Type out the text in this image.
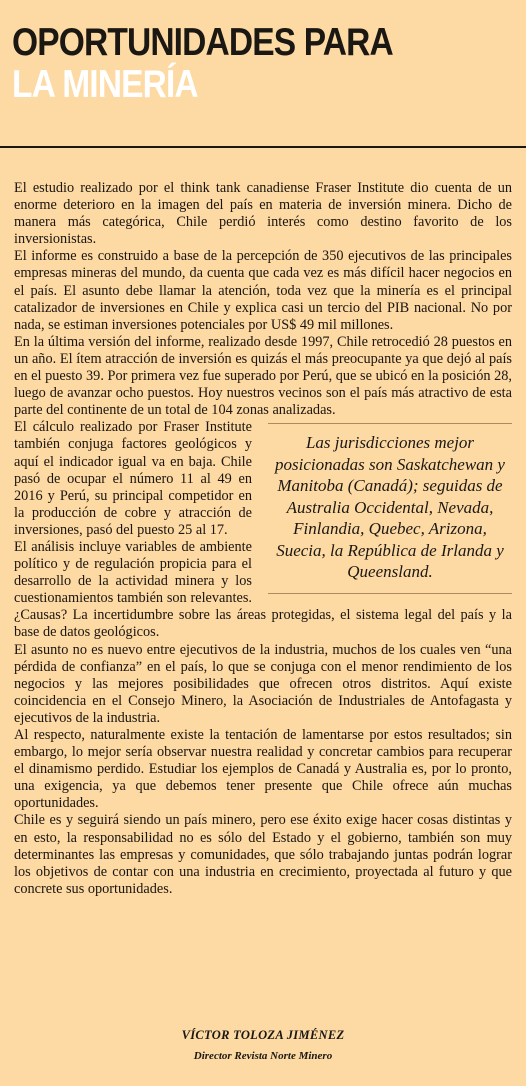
OPORTUNIDADES PARA
LA MINERÍA

El estudio realizado por el think tank canadiense Fraser Institute dio cuenta de un enorme deterioro en la imagen del país en materia de inversión minera. Dicho de manera más categórica, Chile perdió interés como destino favorito de los inversionistas.

El informe es construido a base de la percepción de 350 ejecutivos de las principales empresas mineras del mundo, da cuenta que cada vez es más difícil hacer negocios en el país. El asunto debe llamar la atención, toda vez que la minería es el principal catalizador de inversiones en Chile y explica casi un tercio del PIB nacional. No por nada, se estiman inversiones potenciales por US$ 49 mil millones.

En la última versión del informe, realizado desde 1997, Chile retrocedió 28 puestos en un año. El ítem atracción de inversión es quizás el más preocupante ya que dejó al país en el puesto 39. Por primera vez fue superado por Perú, que se ubicó en la posición 28, luego de avanzar ocho puestos. Hoy nuestros vecinos son el país más atractivo de esta parte del continente de un total de 104 zonas analizadas.

Las jurisdicciones mejor posicionadas son Saskatchewan y Manitoba (Canadá); seguidas de Australia Occidental, Nevada, Finlandia, Quebec, Arizona, Suecia, la República de Irlanda y Queensland.

El cálculo realizado por Fraser Institute también conjuga factores geológicos y aquí el indicador igual va en baja. Chile pasó de ocupar el número 11 al 49 en 2016 y Perú, su principal competidor en la producción de cobre y atracción de inversiones, pasó del puesto 25 al 17.

El análisis incluye variables de ambiente político y de regulación propicia para el desarrollo de la actividad minera y los cuestionamientos también son relevantes. ¿Causas? La incertidumbre sobre las áreas protegidas, el sistema legal del país y la base de datos geológicos.

El asunto no es nuevo entre ejecutivos de la industria, muchos de los cuales ven “una pérdida de confianza” en el país, lo que se conjuga con el menor rendimiento de los negocios y las mejores posibilidades que ofrecen otros distritos. Aquí existe coincidencia en el Consejo Minero, la Asociación de Industriales de Antofagasta y ejecutivos de la industria.

Al respecto, naturalmente existe la tentación de lamentarse por estos resultados; sin embargo, lo mejor sería observar nuestra realidad y concretar cambios para recuperar el dinamismo perdido. Estudiar los ejemplos de Canadá y Australia es, por lo pronto, una exigencia, ya que debemos tener presente que Chile ofrece aún muchas oportunidades.

Chile es y seguirá siendo un país minero, pero ese éxito exige hacer cosas distintas y en esto, la responsabilidad no es sólo del Estado y el gobierno, también son muy determinantes las empresas y comunidades, que sólo trabajando juntas podrán lograr los objetivos de contar con una industria en crecimiento, proyectada al futuro y que concrete sus oportunidades.

VÍCTOR TOLOZA JIMÉNEZ
Director Revista Norte Minero
